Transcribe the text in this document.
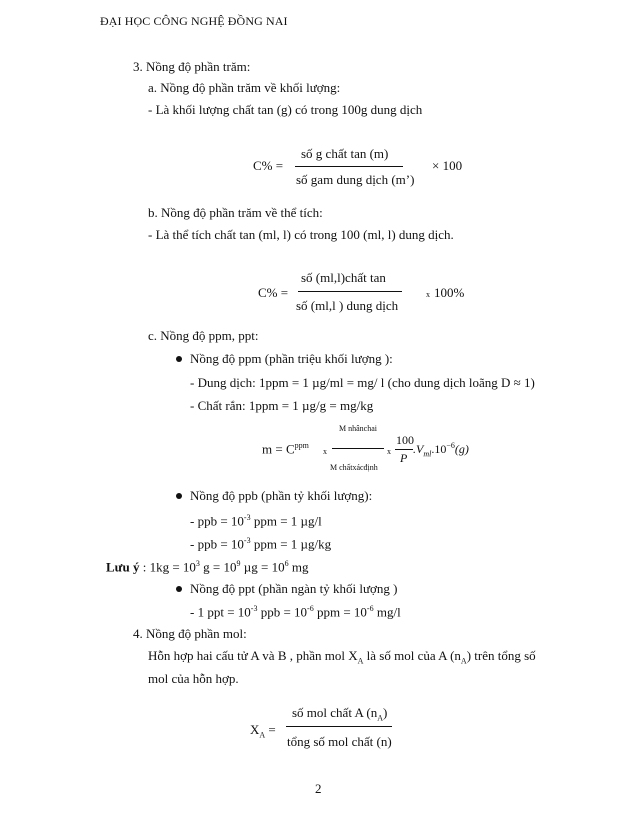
ĐẠI HỌC CÔNG NGHỆ ĐỒNG NAI
3. Nồng độ phần trăm:
a. Nồng độ phần trăm về khối lượng:
- Là khối lượng chất tan (g) có trong 100g dung dịch
C% =
số g chất tan (m)
số gam dung dịch (m’)
× 100
b. Nồng độ phần trăm về thể tích:
- Là thể tích chất tan (ml, l) có trong 100 (ml, l) dung dịch.
C% =
số (ml,l)chất tan
số (ml,l ) dung dịch
x 100%
c. Nồng độ ppm, ppt:
Nồng độ ppm (phần triệu khối lượng ):
- Dung dịch: 1ppm = 1 µg/ml = mg/ l (cho dung dịch loãng D ≈ 1)
- Chất rắn: 1ppm = 1 µg/g = mg/kg
$m = C^{ppm}$
x
M nhânchai
M chấtxácđịnh
x
100
P
$.V_{ml}.10^{-6}(g)$
Nồng độ ppb (phần tỷ khối lượng):
- ppb = $10^{-3}$ ppm = 1 µg/l
- ppb = $10^{-3}$ ppm = 1 µg/kg
Lưu ý : $1kg = 10^3$ $g = 10^9$ $\mu g = 10^6$ mg
Nồng độ ppt (phần ngàn tỷ khối lượng )
- 1 ppt = $10^{-3}$ ppb = $10^{-6}$ ppm = $10^{-6}$ mg/l
4. Nồng độ phần mol:
Hỗn hợp hai cấu tử A và B , phần mol $X_A$ là số mol của A $(n_A)$ trên tổng số
mol của hỗn hợp.
$X_A$ =
số mol chất A $(n_A)$
tổng số mol chất (n)
2
